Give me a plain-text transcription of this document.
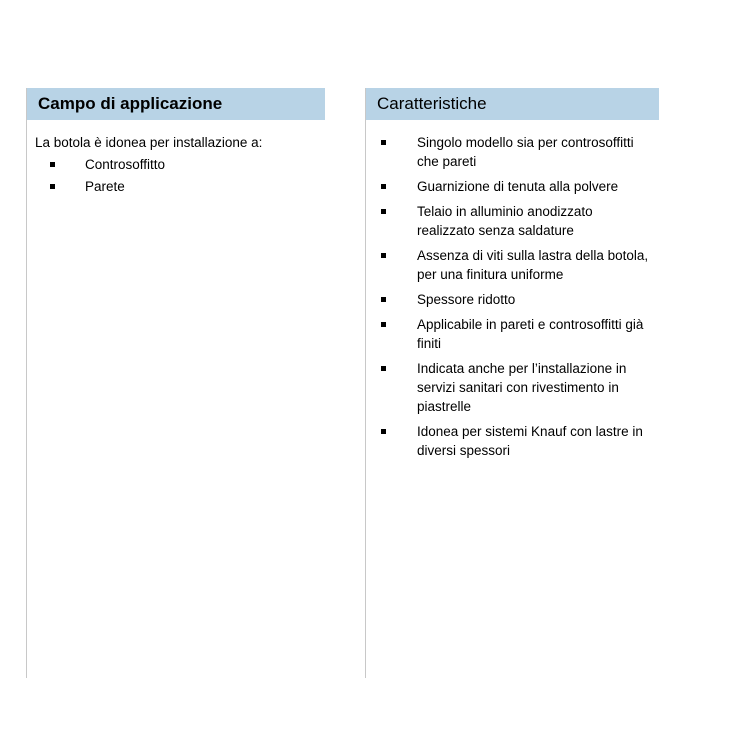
Campo di applicazione
La botola è idonea per installazione a:
Controsoffitto
Parete
Caratteristiche
Singolo modello sia per controsoffitti che pareti
Guarnizione di tenuta alla polvere
Telaio in alluminio anodizzato realizzato senza saldature
Assenza di viti sulla lastra della botola, per una finitura uniforme
Spessore ridotto
Applicabile in pareti e controsoffitti già finiti
Indicata anche per l’installazione in servizi sanitari con rivestimento in piastrelle
Idonea per sistemi Knauf con lastre in diversi spessori
